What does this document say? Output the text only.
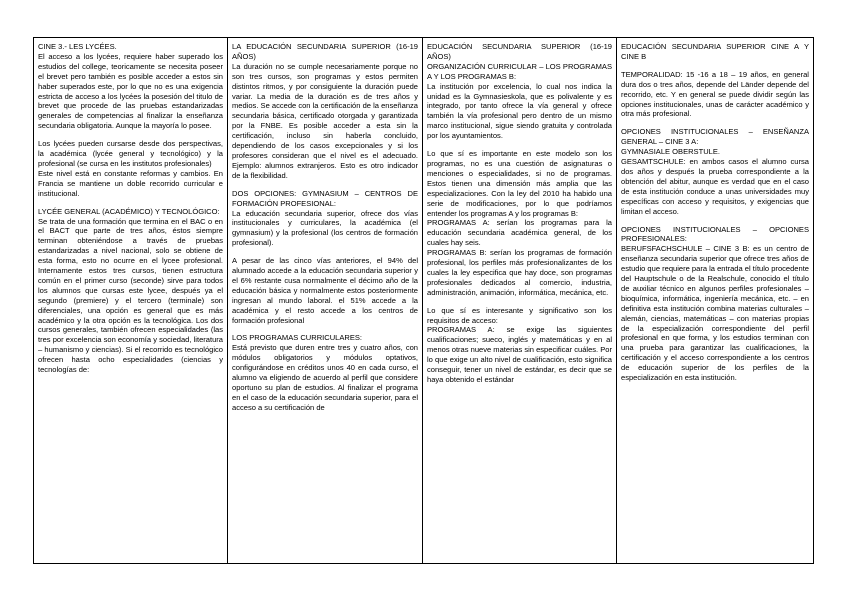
CINE 3.- LES LYCÉES.

El acceso a los lycées, requiere haber superado los estudios del college, teoricamente se necesita poseer el brevet pero también es posible acceder a estos sin haber superados este, por lo que no es una exigencia estricta de acceso a los lycées la posesión del titulo de brevet que procede de las pruebas estandarizadas generales de competencias al finalizar la enseñanza secundaria obligatoria. Aunque la mayoría lo posee.

Los lycées pueden cursarse desde dos perspectivas, la académica (lycée general y tecnológico) y la profesional (se cursa en les institutos profesionales)

Este nivel está en constante reformas y cambios. En Francia se mantiene un doble recorrido curricular e institucional.

LYCÉE GENERAL (ACADÉMICO) Y TECNOLÓGICO:

Se trata de una formación que termina en el BAC o en el BACT que parte de tres años, éstos siempre terminan obteniéndose a través de pruebas estandarizadas a nivel nacional, solo se obtiene de esta forma, esto no ocurre en el lycee profesional. Internamente estos tres cursos, tienen estructura común en el primer curso (seconde) sirve para todos los alumnos que cursas este lycee, después ya el segundo (premiere) y el tercero (terminale) son diferenciales, una opción es general que es más académico y la otra opción es la tecnológica. Los dos cursos generales, también ofrecen especialidades (las tres por excelencia son economía y sociedad, literatura – humanismo y ciencias). Si el recorrido es tecnológico ofrecen hasta ocho especialidades (ciencias y tecnologías de:

LA EDUCACIÓN SECUNDARIA SUPERIOR (16-19 AÑOS)

La duración no se cumple necesariamente porque no son tres cursos, son programas y estos permiten distintos ritmos, y por consiguiente la duración puede variar. La media de la duración es de tres años y medios. Se accede con la certificación de la enseñanza secundaria básica, certificado otorgada y garantizada por la FNBE. Es posible acceder a esta sin la certificación, incluso sin haberla concluido, dependiendo de los casos excepcionales y si los profesores consideran que el nivel es el adecuado. Ejemplo: alumnos extranjeros. Esto es otro indicador de la flexibilidad.

DOS OPCIONES: GYMNASIUM – CENTROS DE FORMACIÓN PROFESIONAL:

La educación secundaria superior, ofrece dos vías institucionales y curriculares, la académica (el gymnasium) y la profesional (los centros de formación profesional).

A pesar de las cinco vías anteriores, el 94% del alumnado accede a la educación secundaria superior y el 6% restante cusa normalmente el décimo año de la educación básica y normalmente estos posteriormente ingresan al mundo laboral. el 51% accede a la académica y el resto accede a los centros de formación profesional

LOS PROGRAMAS CURRICULARES:

Está previsto que duren entre tres y cuatro años, con módulos obligatorios y módulos optativos, configurándose en créditos unos 40 en cada curso, el alumno va eligiendo de acuerdo al perfil que considere oportuno su plan de estudios. Al finalizar el programa en el caso de la educación secundaria superior, para el acceso a su certificación de

EDUCACIÓN SECUNDARIA SUPERIOR (16-19 AÑOS)

ORGANIZACIÓN CURRICULAR – LOS PROGRAMAS A Y LOS PROGRAMAS B:

La institución por excelencia, lo cual nos indica la unidad es la Gymnasieskola, que es polivalente y es integrado, por tanto ofrece la vía general y ofrece también la vía profesional pero dentro de un mismo marco institucional, sigue siendo gratuita y controlada por los ayuntamientos.

Lo que sí es importante en este modelo son los programas, no es una cuestión de asignaturas o menciones o especialidades, si no de programas. Estos tienen una dimensión más amplia que las especializaciones. Con la ley del 2010 ha habido una serie de modificaciones, por lo que podríamos entender los programas A y los programas B:

PROGRAMAS A: serían los programas para la educación secundaria académica general, de los cuales hay seis.

PROGRAMAS B: serían los programas de formación profesional, los perfiles más profesionalizantes de los cuales la ley especifica que hay doce, son programas profesionales dedicados al comercio, industria, administración, animación, informática, mecánica, etc.

Lo que sí es interesante y significativo son los requisitos de acceso:

PROGRAMAS A: se exige las siguientes cualificaciones; sueco, inglés y matemáticas y en al menos otras nueve materias sin especificar cuáles. Por lo que exige un alto nivel de cualificación, esto significa conseguir, tener un nivel de estándar, es decir que se haya obtenido el estándar

EDUCACIÓN SECUNDARIA SUPERIOR CINE A Y CINE B

TEMPORALIDAD: 15 -16 a 18 – 19 años, en general dura dos o tres años, depende del Länder depende del recorrido, etc. Y en general se puede dividir según las opciones institucionales, unas de carácter académico y otra más profesional.

OPCIONES INSTITUCIONALES – ENSEÑANZA GENERAL – CINE 3 A:

GYMNASIALE OBERSTULE.

GESAMTSCHULE: en ambos casos el alumno cursa dos años y después la prueba correspondiente a la obtención del abitur, aunque es verdad que en el caso de esta institución conduce a unas universidades muy específicas con acceso y requisitos, y exigencias que limitan el acceso.

OPCIONES INSTITUCIONALES – OPCIONES PROFESIONALES:

BERUFSFACHSCHULE – CINE 3 B: es un centro de enseñanza secundaria superior que ofrece tres años de estudio que requiere para la entrada el título procedente del Hauptschule o de la Realschule, conocido el título de auxiliar técnico en algunos perfiles profesionales – bioquímica, informática, ingeniería mecánica, etc. – en definitiva esta institución combina materias culturales – alemán, ciencias, matemáticas – con materias propias de la especialización correspondiente del perfil profesional en que forma, y los estudios terminan con una prueba para garantizar las cualificaciones, la certificación y el acceso correspondiente a los centros de educación superior de los perfiles de la especialización en esta institución.
